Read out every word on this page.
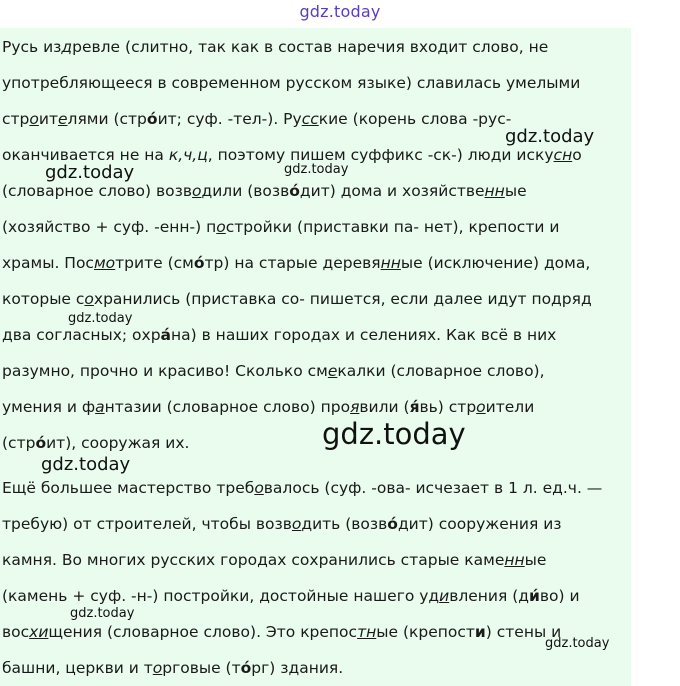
gdz.today
Русь издревле (слитно, так как в состав наречия входит слово, не
употребляющееся в современном русском языке) славилась умелыми
строителями (стро́ит; суф. -тел-). Русские (корень слова -рус-
оканчивается не на к,ч,ц, поэтому пишем суффикс -ск-) люди искусно
(словарное слово) возводили (возво́дит) дома и хозяйственные
(хозяйство + суф. -енн-) постройки (приставки па- нет), крепости и
храмы. Посмотрите (смо́тр) на старые деревянные (исключение) дома,
которые сохранились (приставка со- пишется, если далее идут подряд
два согласных; охра́на) в наших городах и селениях. Как всё в них
разумно, прочно и красиво! Сколько смекалки (словарное слово),
умения и фантазии (словарное слово) проявили (я́вь) строители
(стро́ит), сооружая их.
Ещё большее мастерство требовалось (суф. -ова- исчезает в 1 л. ед.ч. —
требую) от строителей, чтобы возводить (возво́дит) сооружения из
камня. Во многих русских городах сохранились старые каменные
(камень + суф. -н-) постройки, достойные нашего удивления (ди́во) и
восхищения (словарное слово). Это крепостные (крепости) стены и
башни, церкви и торговые (то́рг) здания.
gdz.today
gdz.today	gdz.today
gdz.today
gdz.today
gdz.today
gdz.today
gdz.today
